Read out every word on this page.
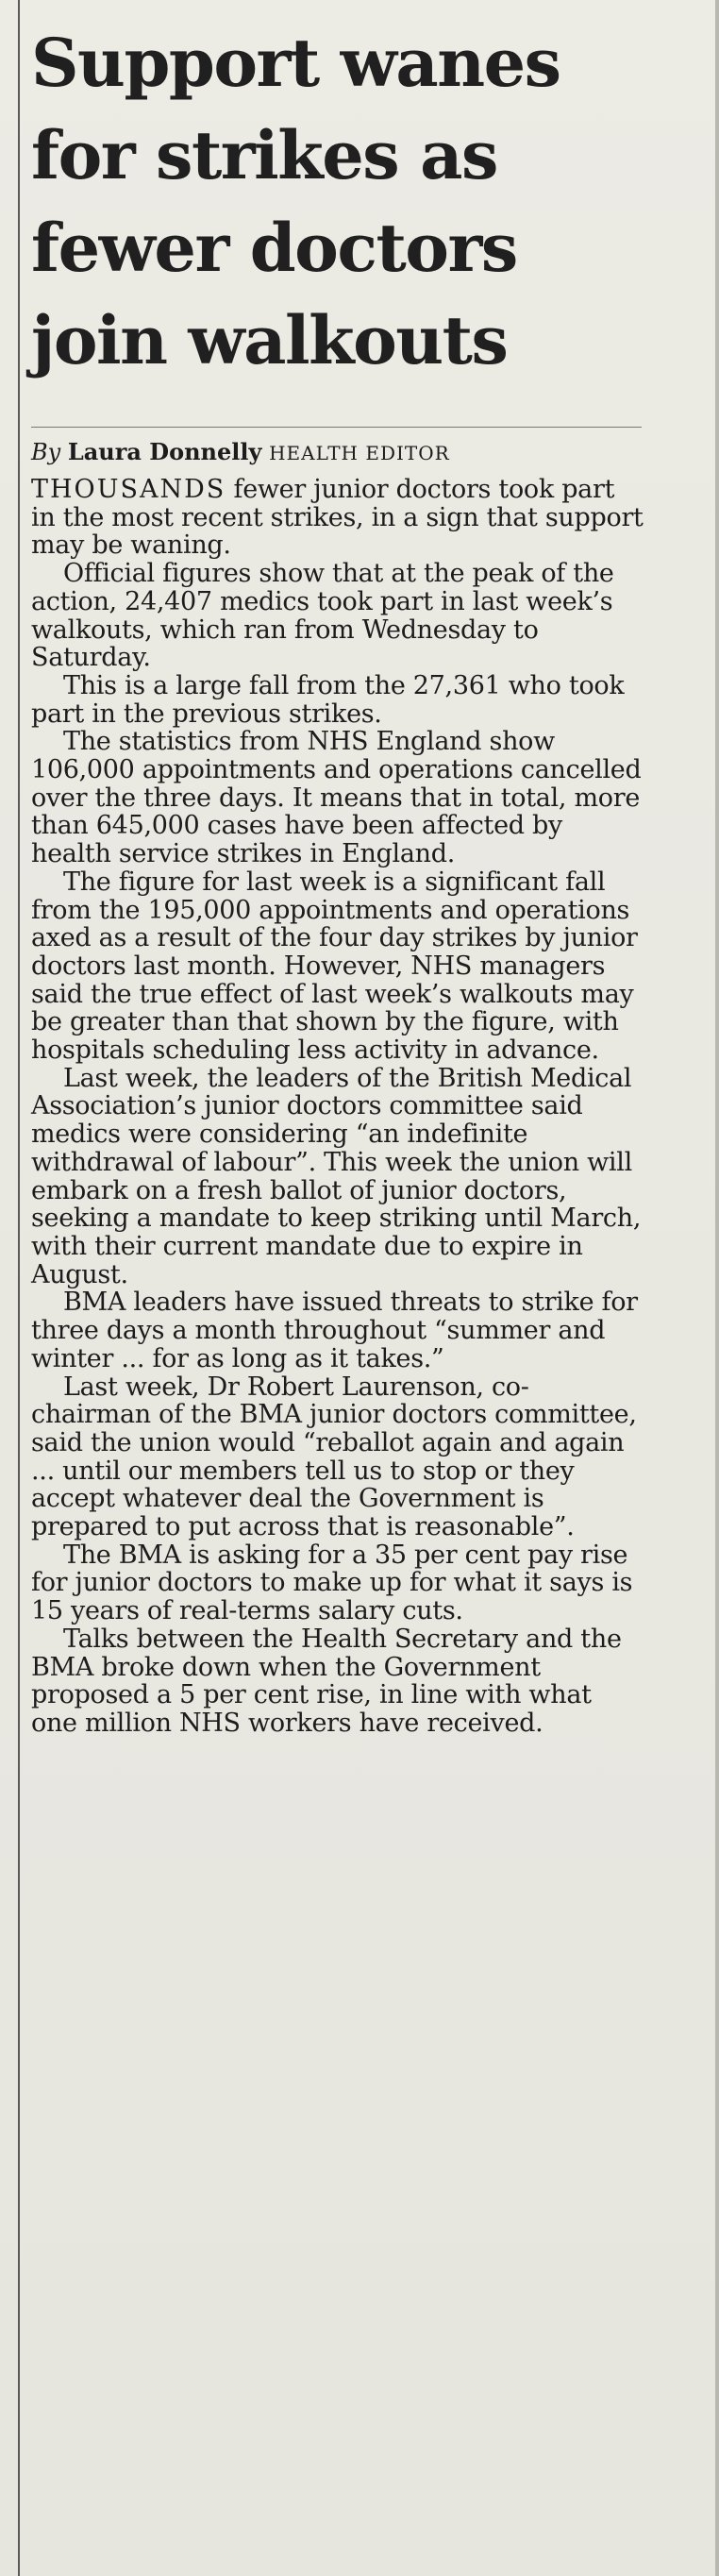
Support wanes
for strikes as
fewer doctors
join walkouts
By Laura Donnelly HEALTH EDITOR

THOUSANDS fewer junior doctors took part in the most recent strikes, in a sign that support may be waning.

Official figures show that at the peak of the action, 24,407 medics took part in last week’s walkouts, which ran from Wednesday to Saturday.

This is a large fall from the 27,361 who took part in the previous strikes.

The statistics from NHS England show 106,000 appointments and operations cancelled over the three days. It means that in total, more than 645,000 cases have been affected by health service strikes in England.

The figure for last week is a significant fall from the 195,000 appointments and operations axed as a result of the four day strikes by junior doctors last month. However, NHS managers said the true effect of last week’s walkouts may be greater than that shown by the figure, with hospitals scheduling less activity in advance.

Last week, the leaders of the British Medical Association’s junior doctors committee said medics were considering “an indefinite withdrawal of labour”. This week the union will embark on a fresh ballot of junior doctors, seeking a mandate to keep striking until March, with their current mandate due to expire in August.

BMA leaders have issued threats to strike for three days a month throughout “summer and winter ... for as long as it takes.”

Last week, Dr Robert Laurenson, co-chairman of the BMA junior doctors committee, said the union would “reballot again and again ... until our members tell us to stop or they accept whatever deal the Government is prepared to put across that is reasonable”.

The BMA is asking for a 35 per cent pay rise for junior doctors to make up for what it says is 15 years of real-terms salary cuts.

Talks between the Health Secretary and the BMA broke down when the Government proposed a 5 per cent rise, in line with what one million NHS workers have received.
